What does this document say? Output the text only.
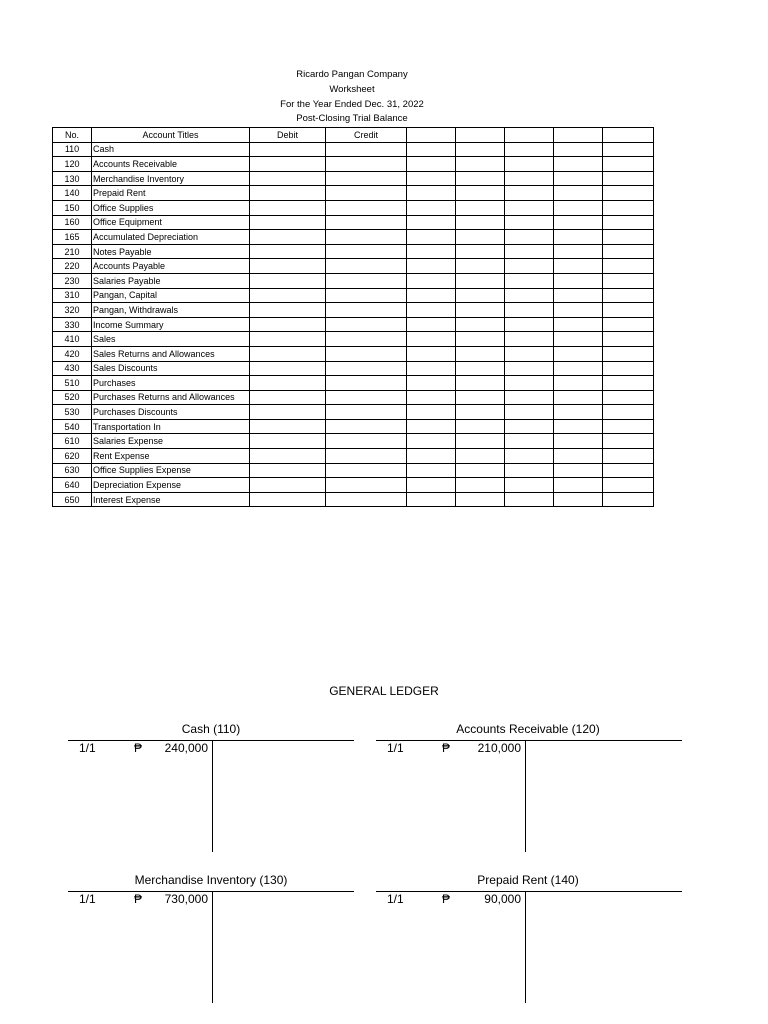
Ricardo Pangan Company
Worksheet
For the Year Ended Dec. 31, 2022
Post-Closing Trial Balance
No.	Account Titles	Debit	Credit					
110	Cash							
120	Accounts Receivable							
130	Merchandise Inventory							
140	Prepaid Rent							
150	Office Supplies							
160	Office Equipment							
165	Accumulated Depreciation							
210	Notes Payable							
220	Accounts Payable							
230	Salaries Payable							
310	Pangan, Capital							
320	Pangan, Withdrawals							
330	Income Summary							
410	Sales							
420	Sales Returns and Allowances							
430	Sales Discounts							
510	Purchases							
520	Purchases Returns and Allowances							
530	Purchases Discounts							
540	Transportation In							
610	Salaries Expense							
620	Rent Expense							
630	Office Supplies Expense							
640	Depreciation Expense							
650	Interest Expense							
GENERAL LEDGER
Cash (110)
1/1	₱	240,000
Accounts Receivable (120)
1/1	₱	210,000
Merchandise Inventory (130)
1/1	₱	730,000
Prepaid Rent (140)
1/1	₱	90,000
